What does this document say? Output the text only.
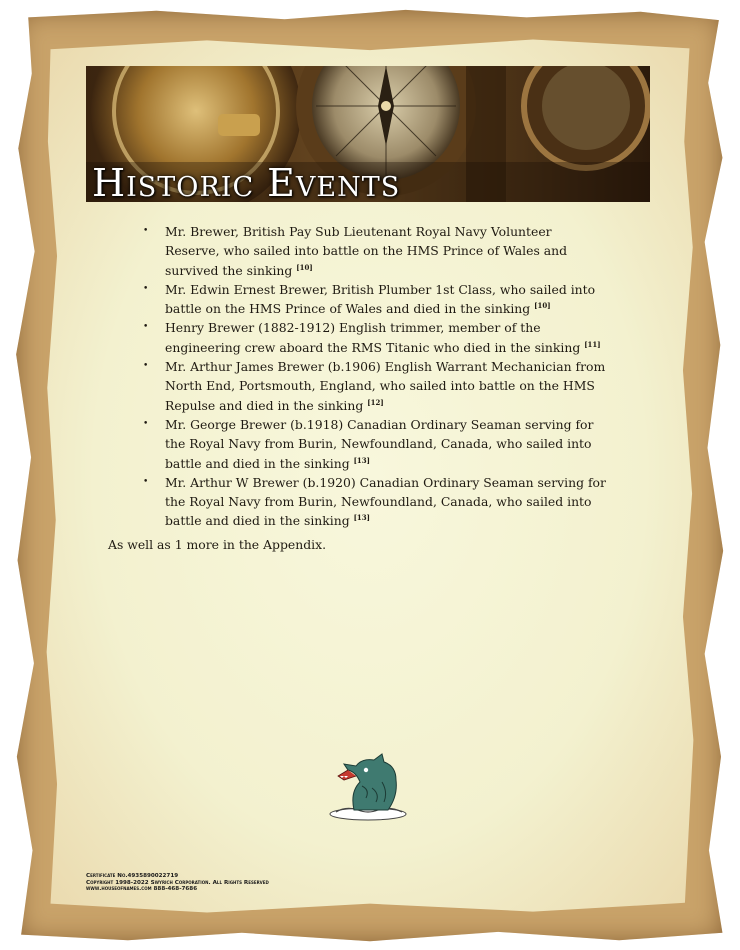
Historic Events
• Mr. Brewer, British Pay Sub Lieutenant Royal Navy Volunteer Reserve, who sailed into battle on the HMS Prince of Wales and survived the sinking [10]
• Mr. Edwin Ernest Brewer, British Plumber 1st Class, who sailed into battle on the HMS Prince of Wales and died in the sinking [10]
• Henry Brewer (1882-1912) English trimmer, member of the engineering crew aboard the RMS Titanic who died in the sinking [11]
• Mr. Arthur James Brewer (b.1906) English Warrant Mechanician from North End, Portsmouth, England, who sailed into battle on the HMS Repulse and died in the sinking [12]
• Mr. George Brewer (b.1918) Canadian Ordinary Seaman serving for the Royal Navy from Burin, Newfoundland, Canada, who sailed into battle and died in the sinking [13]
• Mr. Arthur W Brewer (b.1920) Canadian Ordinary Seaman serving for the Royal Navy from Burin, Newfoundland, Canada, who sailed into battle and died in the sinking [13]
As well as 1 more in the Appendix.
Certificate No.4935890022719
Copyright 1998-2022 Swyrich Corporation. All Rights Reserved
www.houseofnames.com 888-468-7686
